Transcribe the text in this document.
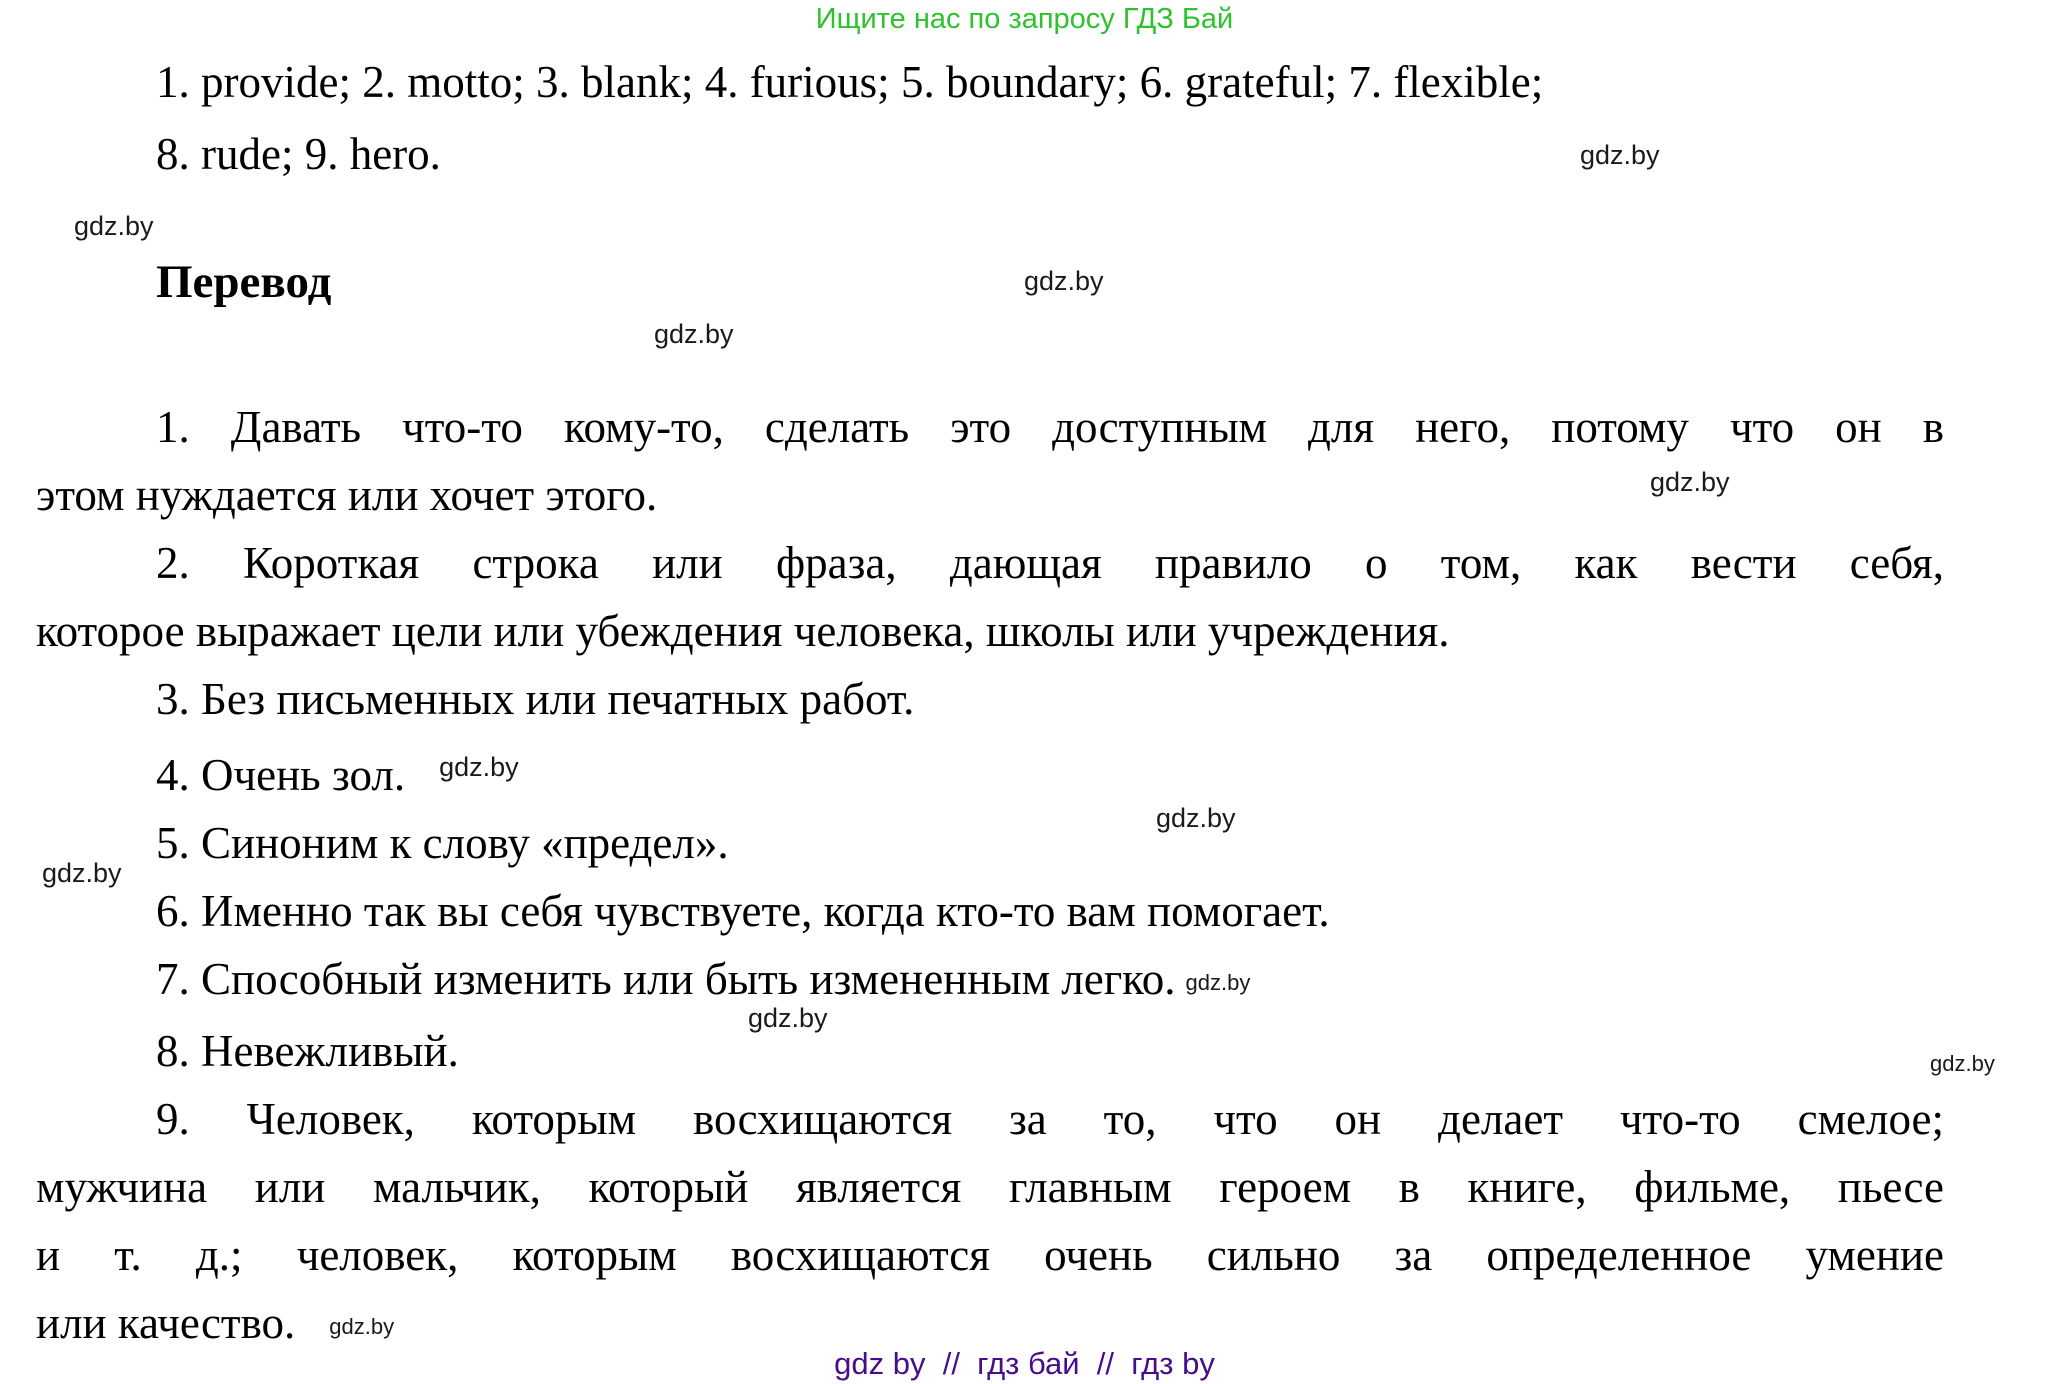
Ищите нас по запросу ГДЗ Бай
1. provide; 2. motto; 3. blank; 4. furious; 5. boundary; 6. grateful; 7. flexible;
8. rude; 9. hero.	gdz.by
gdz.by
gdz.by
gdz.by
gdz.by
gdz.by
gdz.by
gdz.by
gdz.by
Перевод
1. Давать что-то кому-то, сделать это доступным для него, потому что он в
этом нуждается или хочет этого.
2. Короткая строка или фраза, дающая правило о том, как вести себя,
которое выражает цели или убеждения человека, школы или учреждения.
3. Без письменных или печатных работ.
4. Очень зол. $^{gdz.by}$
5. Синоним к слову «предел».
6. Именно так вы себя чувствуете, когда кто-то вам помогает.
7. Способный изменить или быть измененным легко. gdz.by
8. Невежливый.
9. Человек, которым восхищаются за то, что он делает что-то смелое;
мужчина или мальчик, который является главным героем в книге, фильме, пьесе
и т. д.; человек, которым восхищаются очень сильно за определенное умение
или качество. gdz.by
gdz by  //  гдз бай  //  гдз by
